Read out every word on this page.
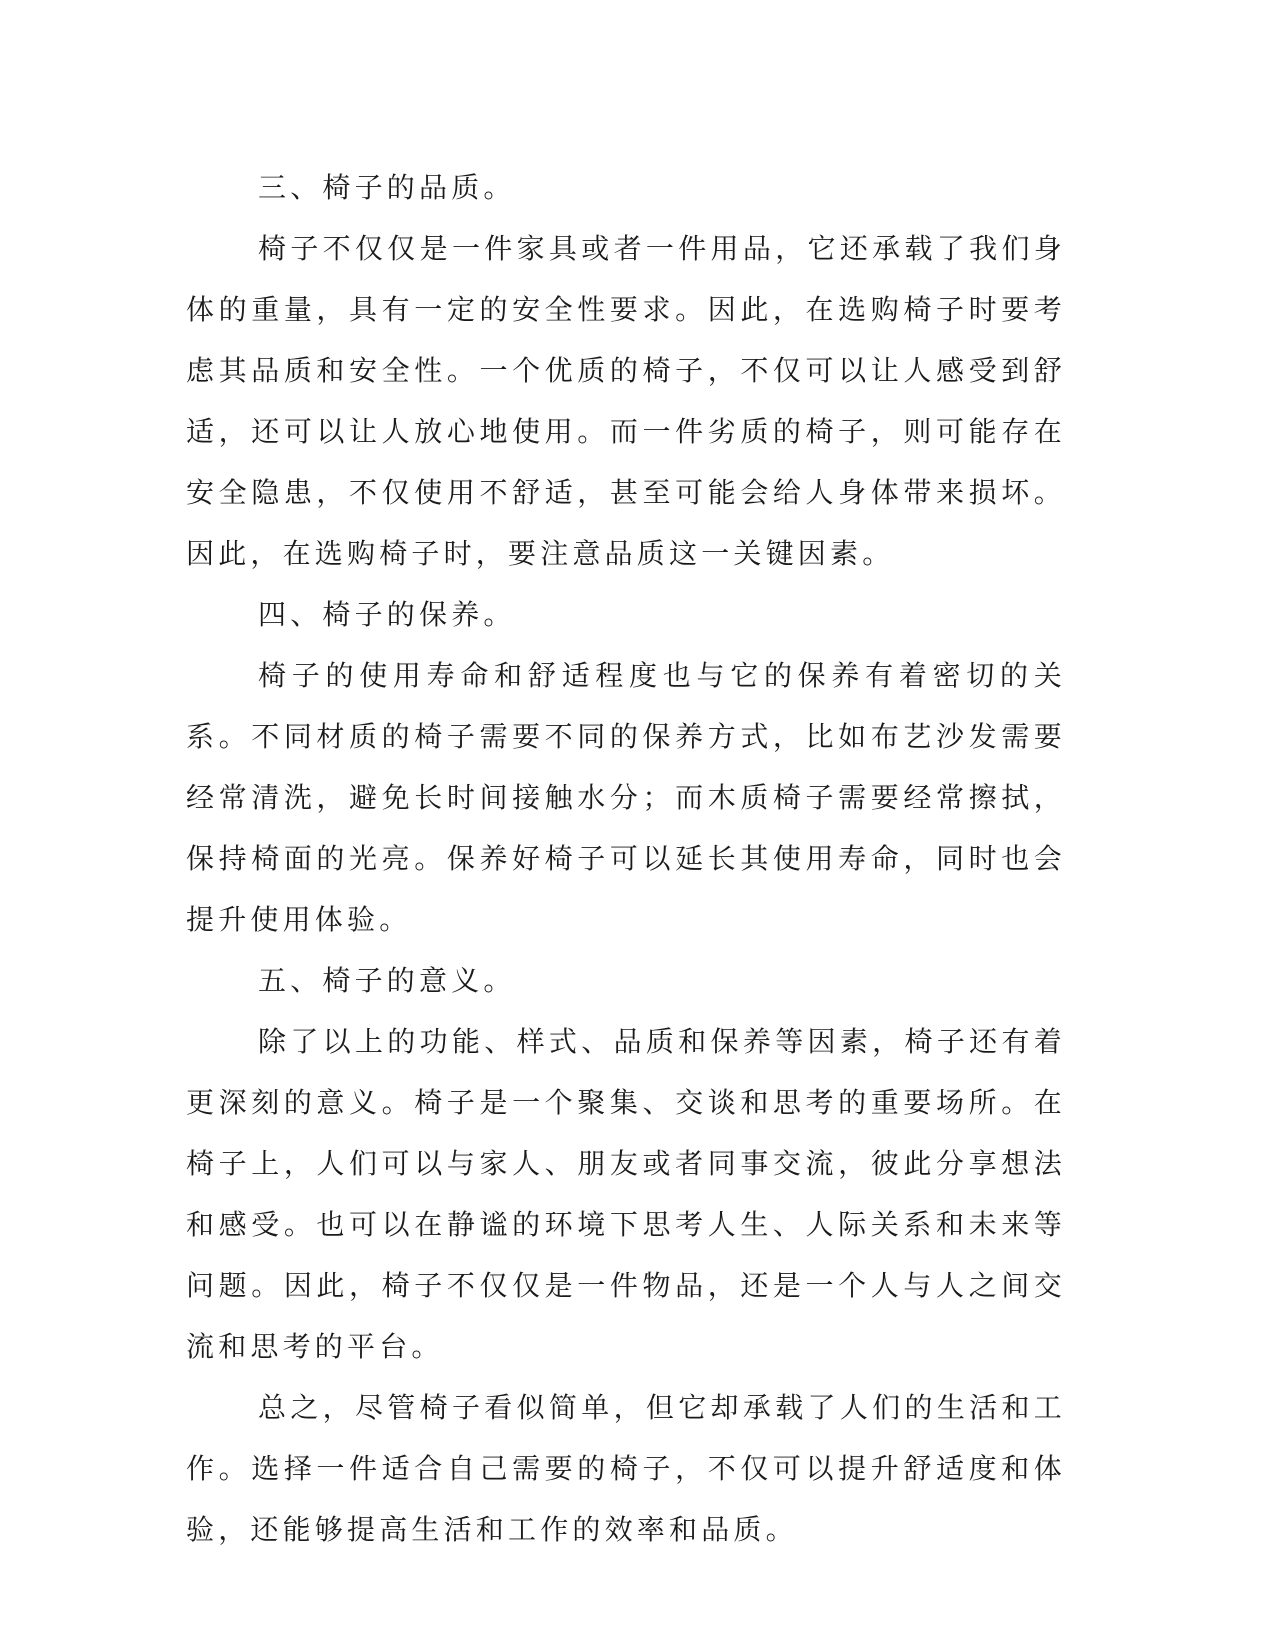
三、椅子的品质。

椅子不仅仅是一件家具或者一件用品，它还承载了我们身体的重量，具有一定的安全性要求。因此，在选购椅子时要考虑其品质和安全性。一个优质的椅子，不仅可以让人感受到舒适，还可以让人放心地使用。而一件劣质的椅子，则可能存在安全隐患，不仅使用不舒适，甚至可能会给人身体带来损坏。因此，在选购椅子时，要注意品质这一关键因素。

四、椅子的保养。

椅子的使用寿命和舒适程度也与它的保养有着密切的关系。不同材质的椅子需要不同的保养方式，比如布艺沙发需要经常清洗，避免长时间接触水分；而木质椅子需要经常擦拭，保持椅面的光亮。保养好椅子可以延长其使用寿命，同时也会提升使用体验。

五、椅子的意义。

除了以上的功能、样式、品质和保养等因素，椅子还有着更深刻的意义。椅子是一个聚集、交谈和思考的重要场所。在椅子上，人们可以与家人、朋友或者同事交流，彼此分享想法和感受。也可以在静谧的环境下思考人生、人际关系和未来等问题。因此，椅子不仅仅是一件物品，还是一个人与人之间交流和思考的平台。

总之，尽管椅子看似简单，但它却承载了人们的生活和工作。选择一件适合自己需要的椅子，不仅可以提升舒适度和体验，还能够提高生活和工作的效率和品质。
